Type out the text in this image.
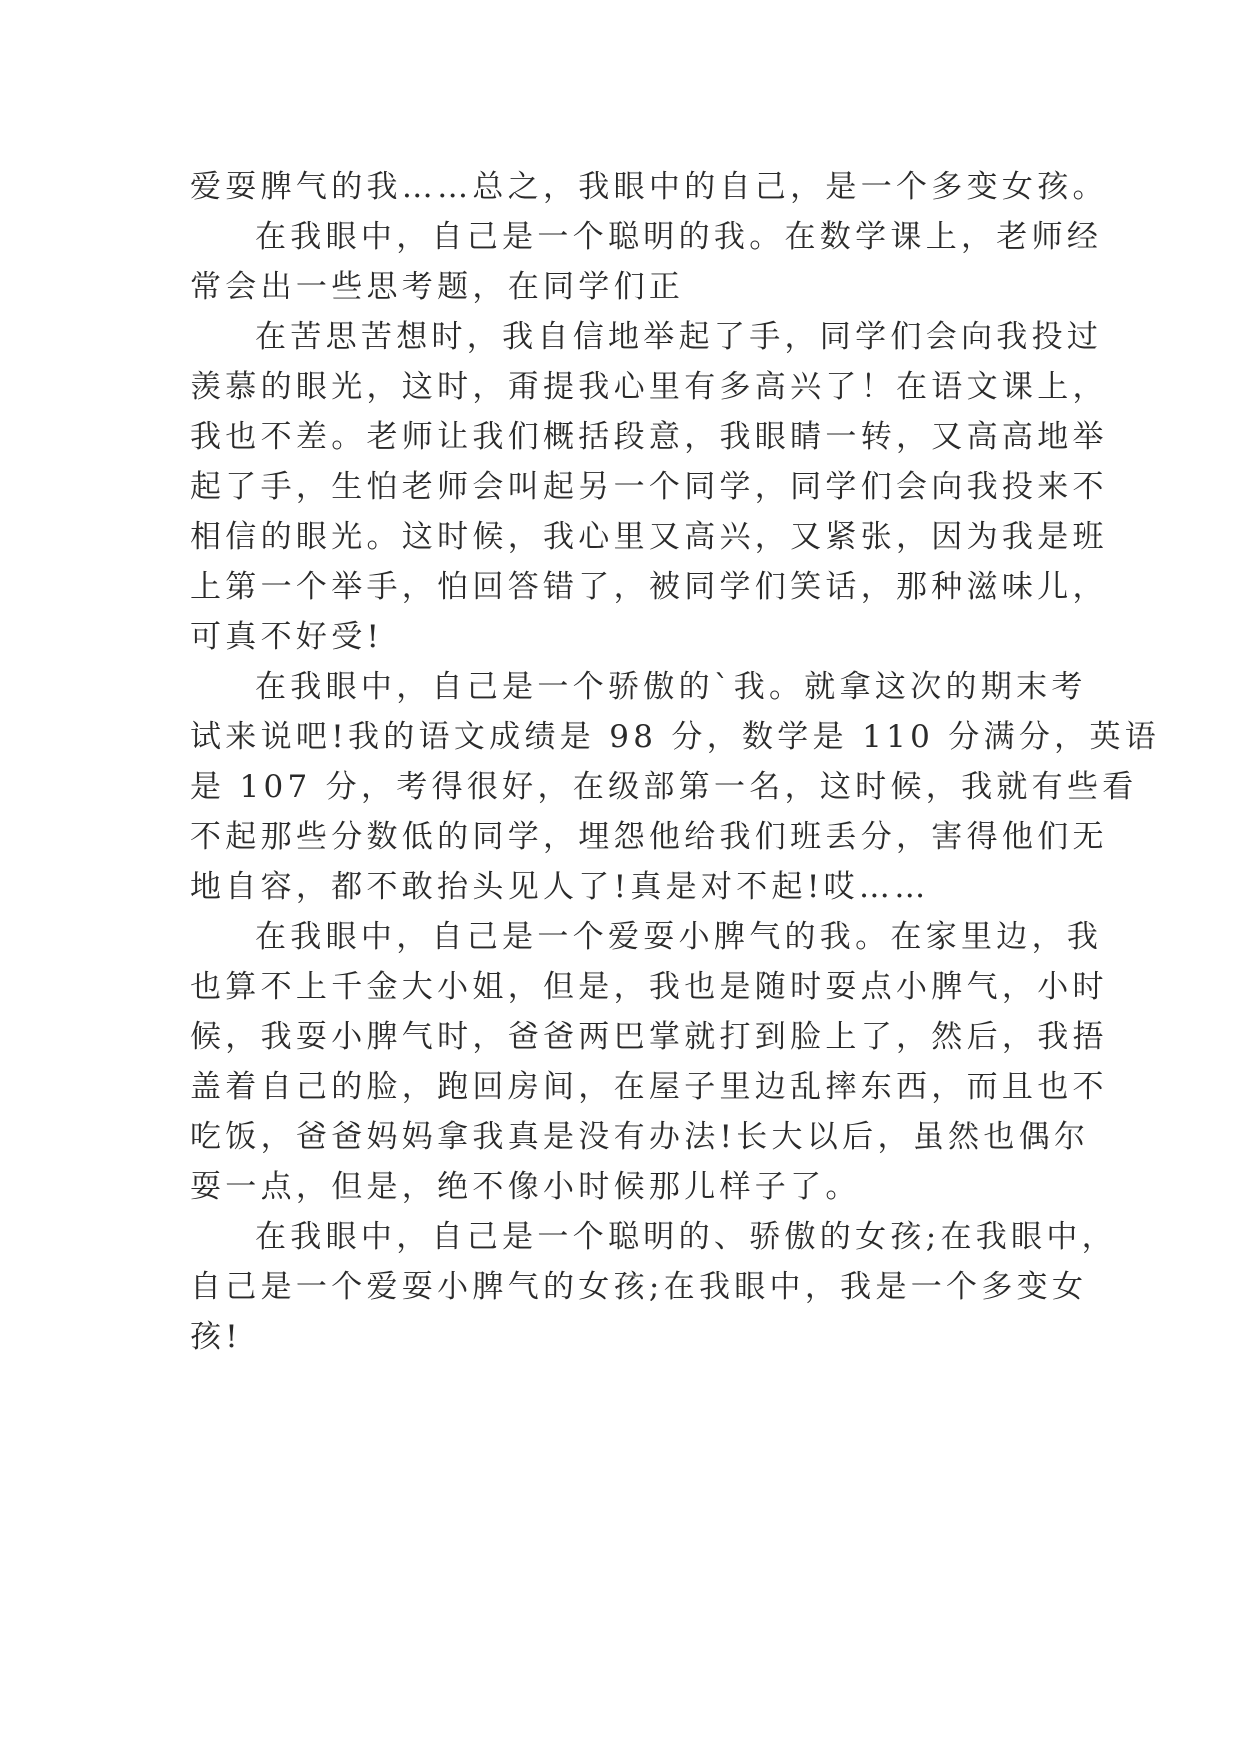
爱耍脾气的我……总之，我眼中的自己，是一个多变女孩。

在我眼中，自己是一个聪明的我。在数学课上，老师经

常会出一些思考题，在同学们正

在苦思苦想时，我自信地举起了手，同学们会向我投过

羡慕的眼光，这时，甭提我心里有多高兴了！在语文课上，

我也不差。老师让我们概括段意，我眼睛一转，又高高地举

起了手，生怕老师会叫起另一个同学，同学们会向我投来不

相信的眼光。这时候，我心里又高兴，又紧张，因为我是班

上第一个举手，怕回答错了，被同学们笑话，那种滋味儿，

可真不好受!

在我眼中，自己是一个骄傲的`我。就拿这次的期末考

试来说吧!我的语文成绩是 98 分，数学是 110 分满分，英语

是 107 分，考得很好，在级部第一名，这时候，我就有些看

不起那些分数低的同学，埋怨他给我们班丢分，害得他们无

地自容，都不敢抬头见人了!真是对不起!哎……

在我眼中，自己是一个爱耍小脾气的我。在家里边，我

也算不上千金大小姐，但是，我也是随时耍点小脾气，小时

候，我耍小脾气时，爸爸两巴掌就打到脸上了，然后，我捂

盖着自己的脸，跑回房间，在屋子里边乱摔东西，而且也不

吃饭，爸爸妈妈拿我真是没有办法!长大以后，虽然也偶尔

耍一点，但是，绝不像小时候那儿样子了。

在我眼中，自己是一个聪明的、骄傲的女孩;在我眼中，

自己是一个爱耍小脾气的女孩;在我眼中，我是一个多变女

孩!
